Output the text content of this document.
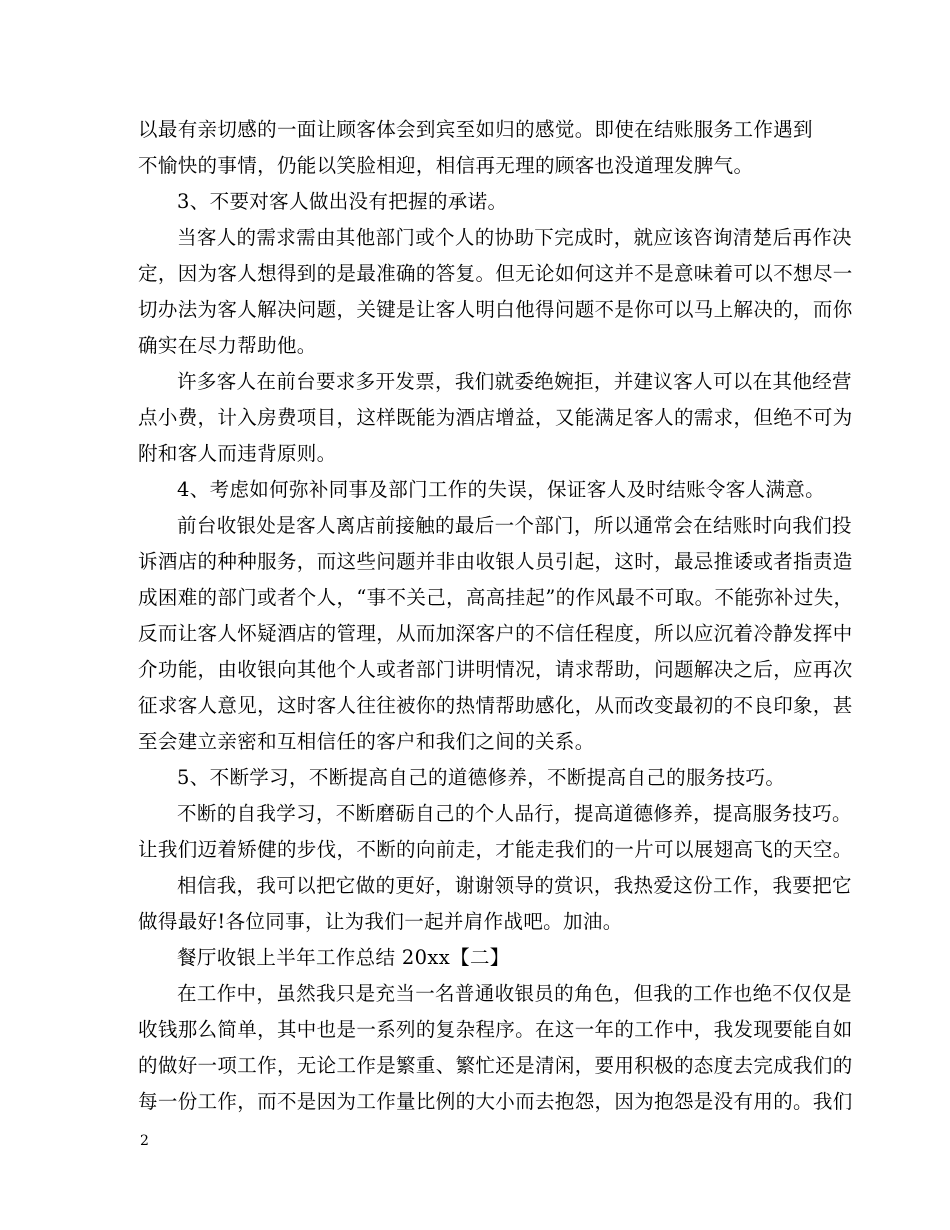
以最有亲切感的一面让顾客体会到宾至如归的感觉。即使在结账服务工作遇到
不愉快的事情，仍能以笑脸相迎，相信再无理的顾客也没道理发脾气。
3、不要对客人做出没有把握的承诺。
当客人的需求需由其他部门或个人的协助下完成时，就应该咨询清楚后再作决
定，因为客人想得到的是最准确的答复。但无论如何这并不是意味着可以不想尽一
切办法为客人解决问题，关键是让客人明白他得问题不是你可以马上解决的，而你
确实在尽力帮助他。
许多客人在前台要求多开发票，我们就委绝婉拒，并建议客人可以在其他经营
点小费，计入房费项目，这样既能为酒店增益，又能满足客人的需求，但绝不可为
附和客人而违背原则。
4、考虑如何弥补同事及部门工作的失误，保证客人及时结账令客人满意。
前台收银处是客人离店前接触的最后一个部门，所以通常会在结账时向我们投
诉酒店的种种服务，而这些问题并非由收银人员引起，这时，最忌推诿或者指责造
成困难的部门或者个人，“事不关己，高高挂起”的作风最不可取。不能弥补过失，
反而让客人怀疑酒店的管理，从而加深客户的不信任程度，所以应沉着冷静发挥中
介功能，由收银向其他个人或者部门讲明情况，请求帮助，问题解决之后，应再次
征求客人意见，这时客人往往被你的热情帮助感化，从而改变最初的不良印象，甚
至会建立亲密和互相信任的客户和我们之间的关系。
5、不断学习，不断提高自己的道德修养，不断提高自己的服务技巧。
不断的自我学习，不断磨砺自己的个人品行，提高道德修养，提高服务技巧。
让我们迈着矫健的步伐，不断的向前走，才能走我们的一片可以展翅高飞的天空。
相信我，我可以把它做的更好，谢谢领导的赏识，我热爱这份工作，我要把它
做得最好!各位同事，让为我们一起并肩作战吧。加油。
餐厅收银上半年工作总结 20xx【二】
在工作中，虽然我只是充当一名普通收银员的角色，但我的工作也绝不仅仅是
收钱那么简单，其中也是一系列的复杂程序。在这一年的工作中，我发现要能自如
的做好一项工作，无论工作是繁重、繁忙还是清闲，要用积极的态度去完成我们的
每一份工作，而不是因为工作量比例的大小而去抱怨，因为抱怨是没有用的。我们
2
